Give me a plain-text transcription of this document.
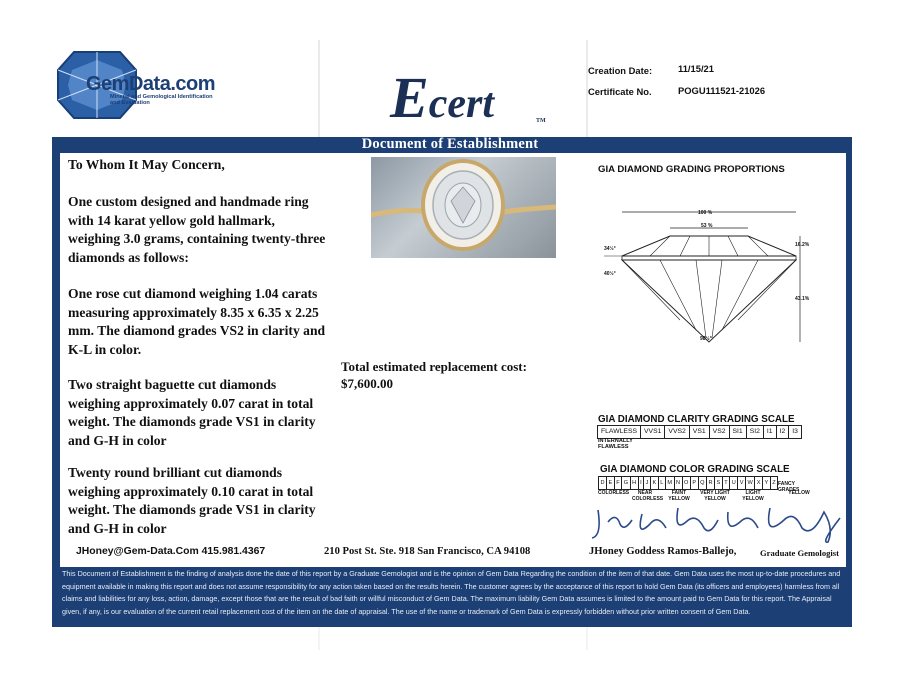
GemData.com
Mineral and Gemological Identification and Evaluation	Ecert	TM
Creation Date:	11/15/21
Certificate No.	POGU111521-21026
Document of Establishment
To Whom It May Concern,
One custom designed and handmade ring with 14 karat yellow gold hallmark, weighing 3.0 grams, containing twenty-three diamonds as follows:
One rose cut diamond weighing 1.04 carats measuring approximately 8.35 x 6.35 x 2.25 mm. The diamond grades VS2 in clarity and K-L in color.
Two straight baguette cut diamonds weighing approximately 0.07 carat in total weight. The diamonds grade VS1 in clarity and G-H in color
Twenty round brilliant cut diamonds weighing approximately 0.10 carat in total weight. The diamonds grade VS1 in clarity and G-H in color
Total estimated replacement cost:
$7,600.00
GIA DIAMOND GRADING PROPORTIONS
100 %
53 %
34½°
40½°
16.2%
43.1%
98½°
GIA DIAMOND CLARITY GRADING SCALE
FLAWLESS	VVS1	VVS2	VS1	VS2	SI1	SI2	I1	I2	I3
INTERNALLY FLAWLESS
GIA DIAMOND COLOR GRADING SCALE
D E F G H I J K L M N O P Q R S T U V W X Y Z FANCY GRADES
COLORLESS	NEAR COLORLESS
FAINT YELLOW
VERY LIGHT YELLOW
LIGHT YELLOW
YELLOW
JHoney@Gem-Data.Com 415.981.4367	210 Post St. Ste. 918 San Francisco, CA 94108	JHoney Goddess Ramos-Ballejo,	Graduate Gemologist
This Document of Establishment is the finding of analysis done the date of this report by a Graduate Gemologist and is the opinion of Gem Data Regarding the condition of the item of that date. Gem Data uses the most up-to-date procedures and equipment available in making this report and does not assume responsibility for any action taken based on the results herein. The customer agrees by the acceptance of this report to hold Gem Data (its officers and employees) harmless from all claims and liabilities for any loss, action, damage, except those that are the result of bad faith or willful misconduct of Gem Data. The maximum liability Gem Data assumes is limited to the amount paid to Gem Data for this report. The Appraisal given, if any, is our evaluation of the current retail replacement cost of the item on the date of appraisal. The use of the name or trademark of Gem Data is expressly forbidden without prior written consent of Gem Data.
